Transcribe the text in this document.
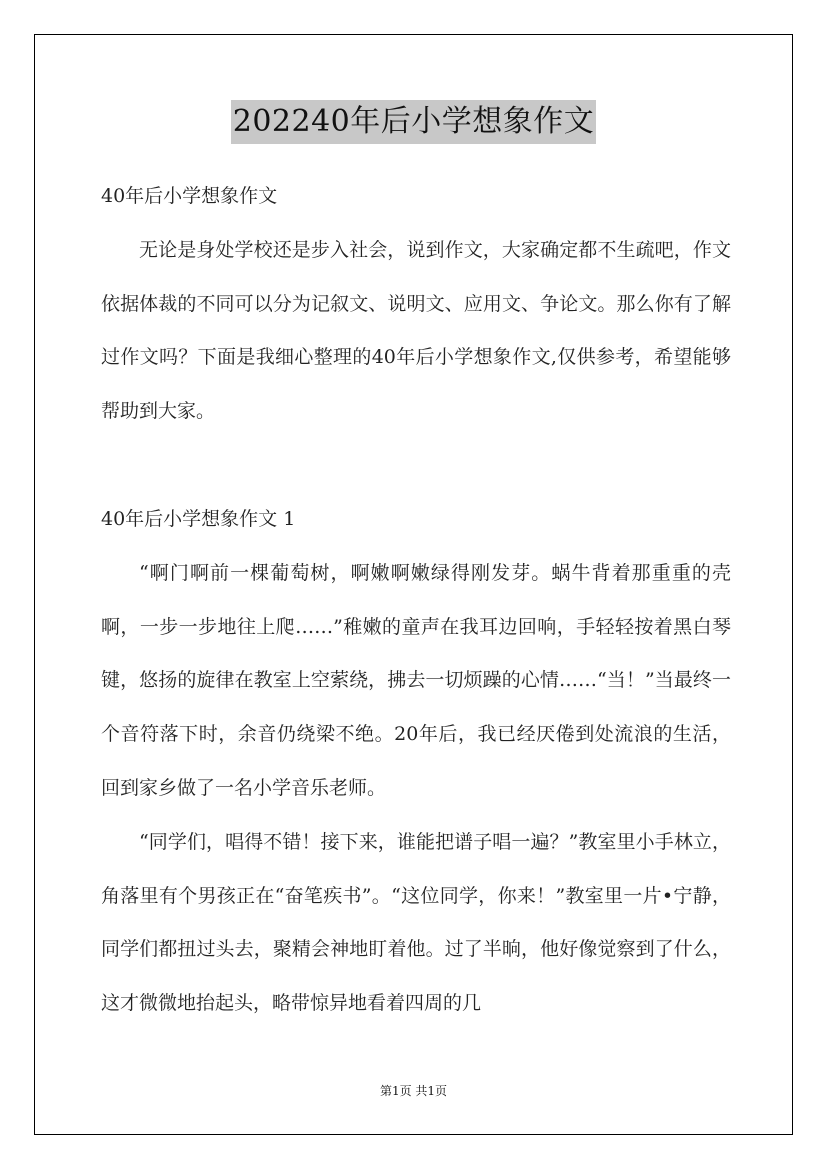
202240年后小学想象作文

40年后小学想象作文

无论是身处学校还是步入社会，说到作文，大家确定都不生疏吧，作文依据体裁的不同可以分为记叙文、说明文、应用文、争论文。那么你有了解过作文吗？下面是我细心整理的40年后小学想象作文,仅供参考，希望能够帮助到大家。

40年后小学想象作文 1

“啊门啊前一棵葡萄树，啊嫩啊嫩绿得刚发芽。蜗牛背着那重重的壳啊，一步一步地往上爬……”稚嫩的童声在我耳边回响，手轻轻按着黑白琴键，悠扬的旋律在教室上空萦绕，拂去一切烦躁的心情……“当！”当最终一个音符落下时，余音仍绕梁不绝。20年后，我已经厌倦到处流浪的生活，回到家乡做了一名小学音乐老师。

“同学们，唱得不错！接下来，谁能把谱子唱一遍？”教室里小手林立，角落里有个男孩正在“奋笔疾书”。“这位同学，你来！”教室里一片•宁静，同学们都扭过头去，聚精会神地盯着他。过了半晌，他好像觉察到了什么，这才微微地抬起头，略带惊异地看着四周的几

第1页 共1页
